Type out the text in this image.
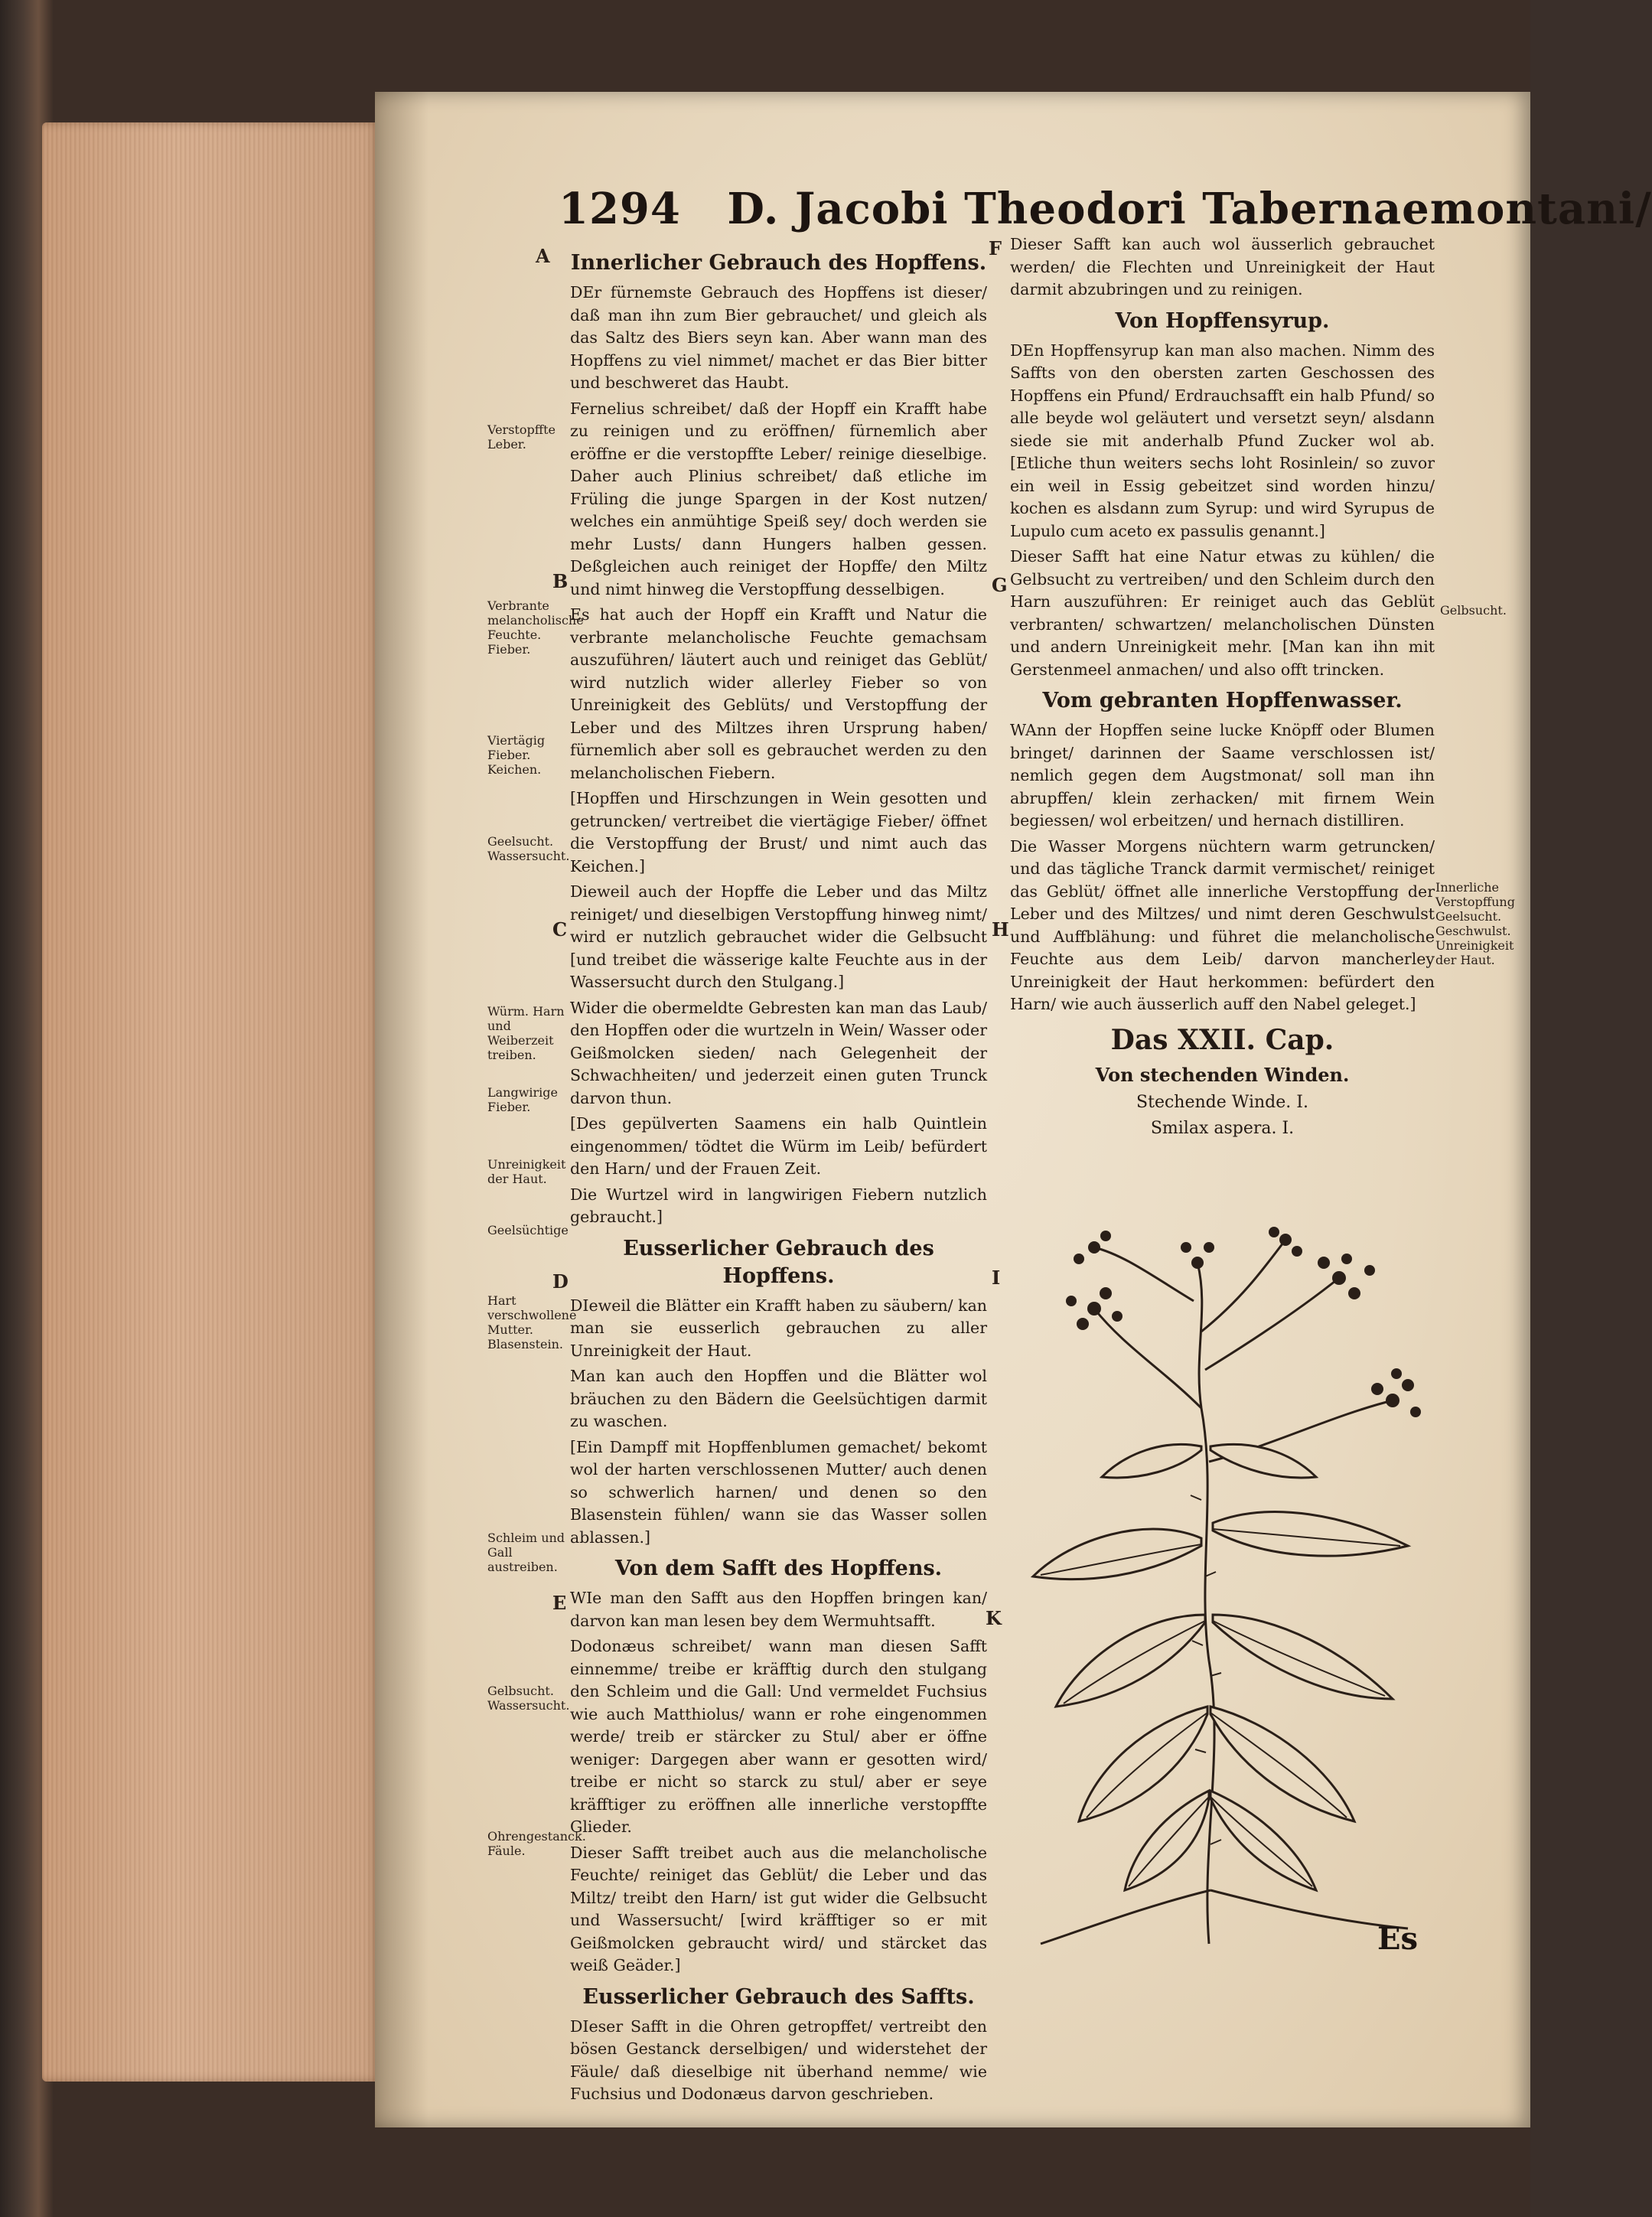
1294 D. Jacobi Theodori Tabernaemontani/
A
B
C
D
E
F
G
H
I
K
Verstopffte Leber.
Verbrante melancholische Feuchte. Fieber.
Viertägig Fieber. Keichen.
Geelsucht. Wassersucht.
Würm. Harn und Weiberzeit treiben.
Langwirige Fieber.
Unreinigkeit der Haut.
Geelsüchtige
Hart verschwollene Mutter. Blasenstein.
Schleim und Gall austreiben.
Gelbsucht. Wassersucht.
Ohrengestanck. Fäule.
Gelbsucht.
Innerliche Verstopffung Geelsucht. Geschwulst. Unreinigkeit der Haut.
Innerlicher Gebrauch des Hopffens.

DEr fürnemste Gebrauch des Hopffens ist dieser/ daß man ihn zum Bier gebrauchet/ und gleich als das Saltz des Biers seyn kan. Aber wann man des Hopffens zu viel nimmet/ machet er das Bier bitter und beschweret das Haubt.

Fernelius schreibet/ daß der Hopff ein Krafft habe zu reinigen und zu eröffnen/ fürnemlich aber eröffne er die verstopffte Leber/ reinige dieselbige. Daher auch Plinius schreibet/ daß etliche im Früling die junge Spargen in der Kost nutzen/ welches ein anmühtige Speiß sey/ doch werden sie mehr Lusts/ dann Hungers halben gessen. Deßgleichen auch reiniget der Hopffe/ den Miltz und nimt hinweg die Verstopffung desselbigen.

Es hat auch der Hopff ein Krafft und Natur die verbrante melancholische Feuchte gemachsam auszuführen/ läutert auch und reiniget das Geblüt/ wird nutzlich wider allerley Fieber so von Unreinigkeit des Geblüts/ und Verstopffung der Leber und des Miltzes ihren Ursprung haben/ fürnemlich aber soll es gebrauchet werden zu den melancholischen Fiebern.

[Hopffen und Hirschzungen in Wein gesotten und getruncken/ vertreibet die viertägige Fieber/ öffnet die Verstopffung der Brust/ und nimt auch das Keichen.]

Dieweil auch der Hopffe die Leber und das Miltz reiniget/ und dieselbigen Verstopffung hinweg nimt/ wird er nutzlich gebrauchet wider die Gelbsucht [und treibet die wässerige kalte Feuchte aus in der Wassersucht durch den Stulgang.]

Wider die obermeldte Gebresten kan man das Laub/ den Hopffen oder die wurtzeln in Wein/ Wasser oder Geißmolcken sieden/ nach Gelegenheit der Schwachheiten/ und jederzeit einen guten Trunck darvon thun.

[Des gepülverten Saamens ein halb Quintlein eingenommen/ tödtet die Würm im Leib/ befürdert den Harn/ und der Frauen Zeit.

Die Wurtzel wird in langwirigen Fiebern nutzlich gebraucht.]

Eusserlicher Gebrauch des Hopffens.

DIeweil die Blätter ein Krafft haben zu säubern/ kan man sie eusserlich gebrauchen zu aller Unreinigkeit der Haut.

Man kan auch den Hopffen und die Blätter wol bräuchen zu den Bädern die Geelsüchtigen darmit zu waschen.

[Ein Dampff mit Hopffenblumen gemachet/ bekomt wol der harten verschlossenen Mutter/ auch denen so schwerlich harnen/ und denen so den Blasenstein fühlen/ wann sie das Wasser sollen ablassen.]

Von dem Safft des Hopffens.

WIe man den Safft aus den Hopffen bringen kan/ darvon kan man lesen bey dem Wermuhtsafft.

Dodonæus schreibet/ wann man diesen Safft einnemme/ treibe er kräfftig durch den stulgang den Schleim und die Gall: Und vermeldet Fuchsius wie auch Matthiolus/ wann er rohe eingenommen werde/ treib er stärcker zu Stul/ aber er öffne weniger: Dargegen aber wann er gesotten wird/ treibe er nicht so starck zu stul/ aber er seye kräfftiger zu eröffnen alle innerliche verstopffte Glieder.

Dieser Safft treibet auch aus die melancholische Feuchte/ reiniget das Geblüt/ die Leber und das Miltz/ treibt den Harn/ ist gut wider die Gelbsucht und Wassersucht/ [wird kräfftiger so er mit Geißmolcken gebraucht wird/ und stärcket das weiß Geäder.]

Eusserlicher Gebrauch des Saffts.

DIeser Safft in die Ohren getropffet/ vertreibt den bösen Gestanck derselbigen/ und widerstehet der Fäule/ daß dieselbige nit überhand nemme/ wie Fuchsius und Dodonæus darvon geschrieben.

Dieser Safft kan auch wol äusserlich gebrauchet werden/ die Flechten und Unreinigkeit der Haut darmit abzubringen und zu reinigen.

Von Hopffensyrup.

DEn Hopffensyrup kan man also machen. Nimm des Saffts von den obersten zarten Geschossen des Hopffens ein Pfund/ Erdrauchsafft ein halb Pfund/ so alle beyde wol geläutert und versetzt seyn/ alsdann siede sie mit anderhalb Pfund Zucker wol ab. [Etliche thun weiters sechs loht Rosinlein/ so zuvor ein weil in Essig gebeitzet sind worden hinzu/ kochen es alsdann zum Syrup: und wird Syrupus de Lupulo cum aceto ex passulis genannt.]

Dieser Safft hat eine Natur etwas zu kühlen/ die Gelbsucht zu vertreiben/ und den Schleim durch den Harn auszuführen: Er reiniget auch das Geblüt verbranten/ schwartzen/ melancholischen Dünsten und andern Unreinigkeit mehr. [Man kan ihn mit Gerstenmeel anmachen/ und also offt trincken.

Vom gebranten Hopffenwasser.

WAnn der Hopffen seine lucke Knöpff oder Blumen bringet/ darinnen der Saame verschlossen ist/ nemlich gegen dem Augstmonat/ soll man ihn abrupffen/ klein zerhacken/ mit firnem Wein begiessen/ wol erbeitzen/ und hernach distilliren.

Die Wasser Morgens nüchtern warm getruncken/ und das tägliche Tranck darmit vermischet/ reiniget das Geblüt/ öffnet alle innerliche Verstopffung der Leber und des Miltzes/ und nimt deren Geschwulst und Auffblähung: und führet die melancholische Feuchte aus dem Leib/ darvon mancherley Unreinigkeit der Haut herkommen: befürdert den Harn/ wie auch äusserlich auff den Nabel geleget.]

Das XXII. Cap.
Von stechenden Winden.
Stechende Winde. I.
Smilax aspera. I.
Es
